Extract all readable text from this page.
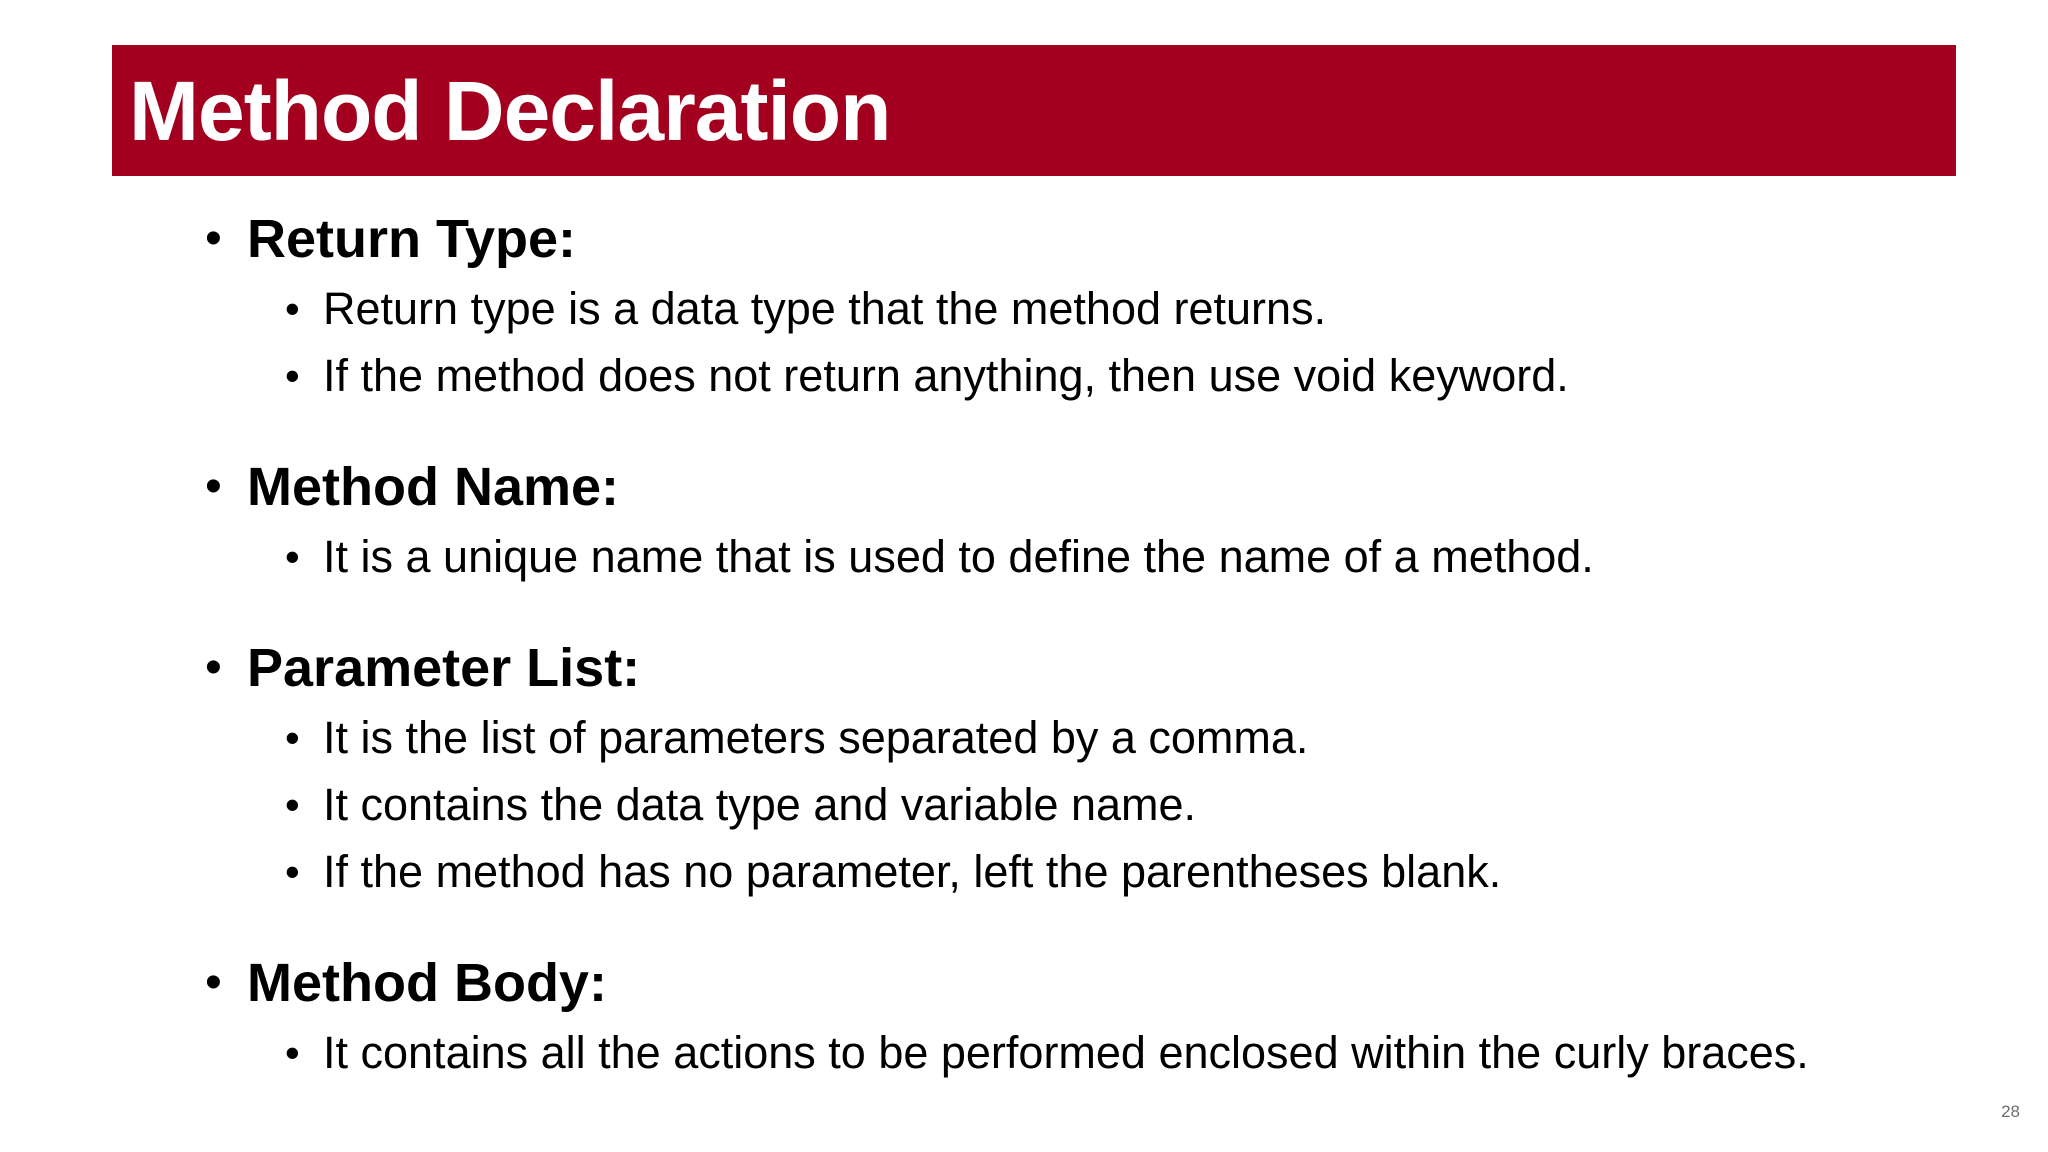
Method Declaration
• Return Type:
• Return type is a data type that the method returns.
• If the method does not return anything, then use void keyword.
• Method Name:
• It is a unique name that is used to define the name of a method.
• Parameter List:
• It is the list of parameters separated by a comma.
• It contains the data type and variable name.
• If the method has no parameter, left the parentheses blank.
• Method Body:
• It contains all the actions to be performed enclosed within the curly braces.
28
